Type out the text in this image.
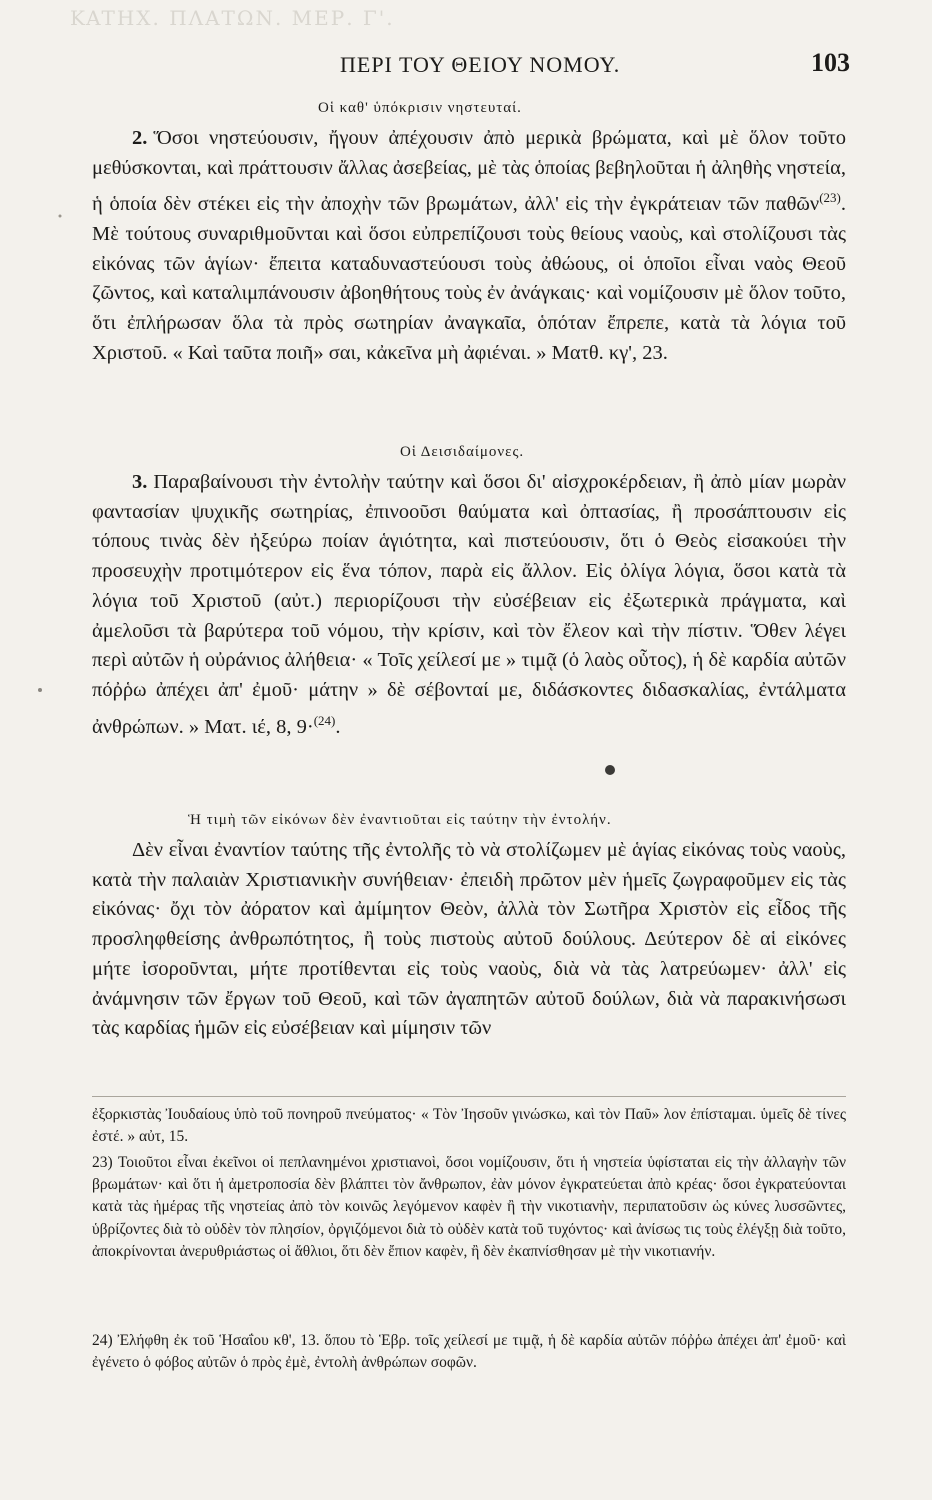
KATHX. ΠΛΑΤΩΝ. ΜΕΡ. Γ'.
ΠΕΡΙ ΤΟΥ ΘΕΙΟΥ ΝΟΜΟΥ.	103
Οἱ καθ' ὑπόκρισιν νηστευταί.
2. Ὅσοι νηστεύουσιν, ἤγουν ἀπέχουσιν ἀπὸ μερικὰ βρώματα, καὶ μὲ ὅλον τοῦτο μεθύσκονται, καὶ πράττουσιν ἄλλας ἀσεβείας, μὲ τὰς ὁποίας βεβηλοῦται ἡ ἀληθὴς νηστεία, ἡ ὁποία δὲν στέκει εἰς τὴν ἀποχὴν τῶν βρωμάτων, ἀλλ' εἰς τὴν ἐγκράτειαν τῶν παθῶν$^{(23)}$. Μὲ τούτους συναριθμοῦνται καὶ ὅσοι εὐπρεπίζουσι τοὺς θείους ναοὺς, καὶ στολίζουσι τὰς εἰκόνας τῶν ἁγίων· ἔπειτα καταδυναστεύουσι τοὺς ἀθώους, οἱ ὁποῖοι εἶναι ναὸς Θεοῦ ζῶντος, καὶ καταλιμπάνουσιν ἀβοηθήτους τοὺς ἐν ἀνάγκαις· καὶ νομίζουσιν μὲ ὅλον τοῦτο, ὅτι ἐπλήρωσαν ὅλα τὰ πρὸς σωτηρίαν ἀναγκαῖα, ὁπόταν ἔπρεπε, κατὰ τὰ λόγια τοῦ Χριστοῦ. « Καὶ ταῦτα ποιῆ» σαι, κἀκεῖνα μὴ ἀφιέναι. » Ματθ. κγ', 23.
Οἱ Δεισιδαίμονες.
3. Παραβαίνουσι τὴν ἐντολὴν ταύτην καὶ ὅσοι δι' αἰσχροκέρδειαν, ἢ ἀπὸ μίαν μωρὰν φαντασίαν ψυχικῆς σωτηρίας, ἐπινοοῦσι θαύματα καὶ ὀπτασίας, ἢ προσάπτουσιν εἰς τόπους τινὰς δὲν ἠξεύρω ποίαν ἁγιότητα, καὶ πιστεύουσιν, ὅτι ὁ Θεὸς εἰσακούει τὴν προσευχὴν προτιμότερον εἰς ἕνα τόπον, παρὰ εἰς ἄλλον. Εἰς ὀλίγα λόγια, ὅσοι κατὰ τὰ λόγια τοῦ Χριστοῦ (αὐτ.) περιορίζουσι τὴν εὐσέβειαν εἰς ἐξωτερικὰ πράγματα, καὶ ἀμελοῦσι τὰ βαρύτερα τοῦ νόμου, τὴν κρίσιν, καὶ τὸν ἔλεον καὶ τὴν πίστιν. Ὅθεν λέγει περὶ αὐτῶν ἡ οὐράνιος ἀλήθεια· « Τοῖς χείλεσί με » τιμᾷ (ὁ λαὸς οὗτος), ἡ δὲ καρδία αὐτῶν πόῤῥω ἀπέχει ἀπ' ἐμοῦ· μάτην » δὲ σέβονταί με, διδάσκοντες διδασκαλίας, ἐντάλματα ἀνθρώπων. » Ματ. ιέ, 8, 9·$^{(24)}$.
Ἡ τιμὴ τῶν εἰκόνων δὲν ἐναντιοῦται εἰς ταύτην τὴν ἐντολήν.
Δὲν εἶναι ἐναντίον ταύτης τῆς ἐντολῆς τὸ νὰ στολίζωμεν μὲ ἁγίας εἰκόνας τοὺς ναοὺς, κατὰ τὴν παλαιὰν Χριστιανικὴν συνήθειαν· ἐπειδὴ πρῶτον μὲν ἡμεῖς ζωγραφοῦμεν εἰς τὰς εἰκόνας· ὄχι τὸν ἀόρατον καὶ ἀμίμητον Θεὸν, ἀλλὰ τὸν Σωτῆρα Χριστὸν εἰς εἶδος τῆς προσληφθείσης ἀνθρωπότητος, ἢ τοὺς πιστοὺς αὐτοῦ δούλους. Δεύτερον δὲ αἱ εἰκόνες μήτε ἰσοροῦνται, μήτε προτίθενται εἰς τοὺς ναοὺς, διὰ νὰ τὰς λατρεύωμεν· ἀλλ' εἰς ἀνάμνησιν τῶν ἔργων τοῦ Θεοῦ, καὶ τῶν ἀγαπητῶν αὐτοῦ δούλων, διὰ νὰ παρακινήσωσι τὰς καρδίας ἡμῶν εἰς εὐσέβειαν καὶ μίμησιν τῶν
ἐξορκιστὰς Ἰουδαίους ὑπὸ τοῦ πονηροῦ πνεύματος· « Τὸν Ἰησοῦν γινώσκω, καὶ τὸν Παῦ» λον ἐπίσταμαι. ὑμεῖς δὲ τίνες ἐστέ. » αὐτ, 15.
23) Τοιοῦτοι εἶναι ἐκεῖνοι οἱ πεπλανημένοι χριστιανοὶ, ὅσοι νομίζουσιν, ὅτι ἡ νηστεία ὑφίσταται εἰς τὴν ἀλλαγὴν τῶν βρωμάτων· καὶ ὅτι ἡ ἀμετροποσία δὲν βλάπτει τὸν ἄνθρωπον, ἐὰν μόνον ἐγκρατεύεται ἀπὸ κρέας· ὅσοι ἐγκρατεύονται κατὰ τὰς ἡμέρας τῆς νηστείας ἀπὸ τὸν κοινῶς λεγόμενον καφὲν ἢ τὴν νικοτιανὴν, περιπατοῦσιν ὡς κύνες λυσσῶντες, ὑβρίζοντες διὰ τὸ οὐδὲν τὸν πλησίον, ὀργιζόμενοι διὰ τὸ οὐδὲν κατὰ τοῦ τυχόντος· καὶ ἀνίσως τις τοὺς ἐλέγξῃ διὰ τοῦτο, ἀποκρίνονται ἀνερυθριάστως οἱ ἄθλιοι, ὅτι δὲν ἔπιον καφὲν, ἢ δὲν ἐκαπνίσθησαν μὲ τὴν νικοτιανήν.
24) Ἐλήφθη ἐκ τοῦ Ἡσαΐου κθ', 13. ὅπου τὸ Ἑβρ. τοῖς χείλεσί με τιμᾷ, ἡ δὲ καρδία αὐτῶν πόῤῥω ἀπέχει ἀπ' ἐμοῦ· καὶ ἐγένετο ὁ φόβος αὐτῶν ὁ πρὸς ἐμὲ, ἐντολὴ ἀνθρώπων σοφῶν.
